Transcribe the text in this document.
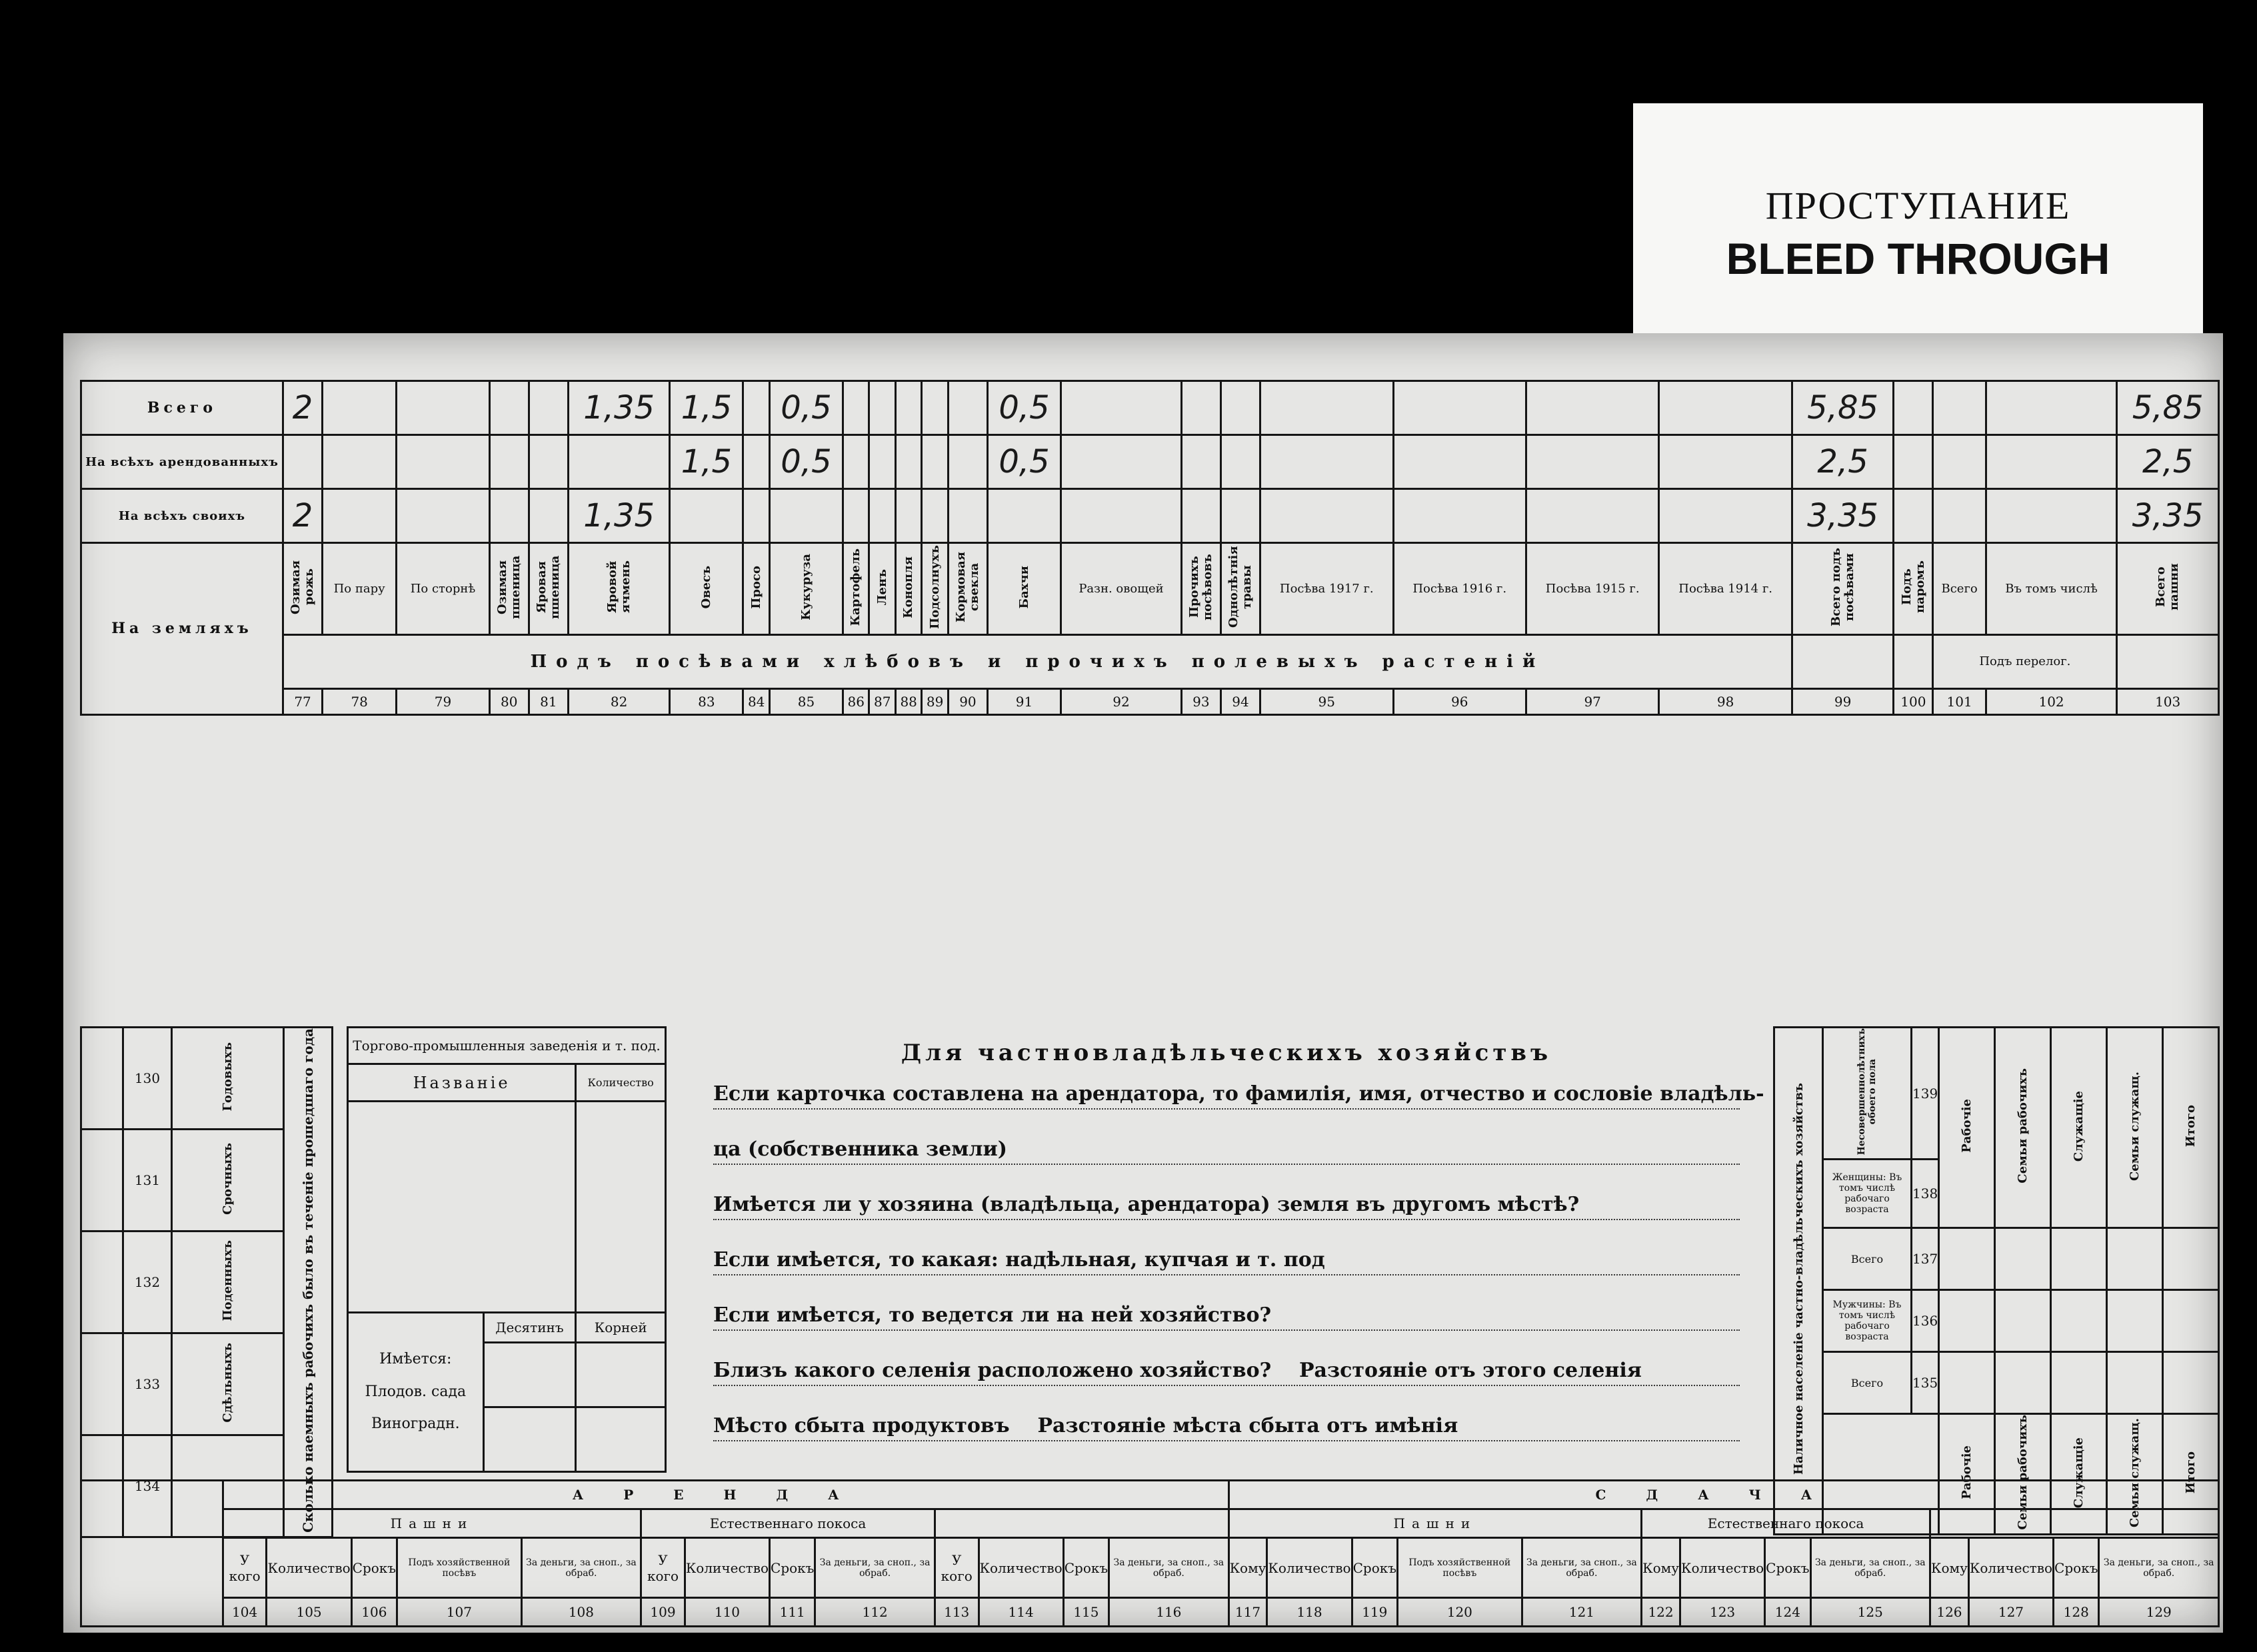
ПРОСТУПАНИЕ
BLEED THROUGH
Всего	2					1,35	1,5		0,5						0,5								5,85				5,85
На всѣхъ арендованныхъ							1,5		0,5						0,5								2,5				2,5
На всѣхъ своихъ	2					1,35																	3,35				3,35
На земляхъ	Озимая рожь	По пару	По сторнѣ	Озимая пшеница	Яровая пшеница	Яровой ячмень	Овесъ	Просо	Кукуруза	Картофель	Ленъ	Конопля	Подсолнухъ	Кормовая свекла	Бахчи	Разн. овощей	Прочихъ посѣвовъ	Однолѣтнія травы	Посѣва 1917 г.	Посѣва 1916 г.	Посѣва 1915 г.	Посѣва 1914 г.	Всего подъ посѣвами	Подъ паромъ	Всего	Въ томъ числѣ	Всего пашни
	Подъ посѣвами хлѣбовъ и прочихъ полевыхъ растеній																								Подъ перелог.		
	77	78	79	80	81	82	83	84	85	86	87	88	89	90	91	92	93	94	95	96	97	98	99	100	101	102	103
	130	Годовыхъ	Сколько наемныхъ рабочихъ было въ теченіе прошедшаго года
	131	Срочныхъ	
	132	Поденныхъ	
	133	Сдѣльныхъ	
	134		
Торгово-промышленныя заведенія и т. под.		
Названіе		Количество

Имѣется:
Плодов. сада
Виноградн.	Десятинъ	Корней

Для частновладѣльческихъ хозяйствъ
Если карточка составлена на арендатора, то фамилія, имя, отчество и сословіе владѣль-
ца (собственника земли)
Имѣется ли у хозяина (владѣльца, арендатора) земля въ другомъ мѣстѣ?
Если имѣется, то какая: надѣльная, купчая и т. под
Если имѣется, то ведется ли на ней хозяйство?
Близъ какого селенія расположено хозяйство? Разстояніе отъ этого селенія
Мѣсто сбыта продуктовъ Разстояніе мѣста сбыта отъ имѣнія	Наличное населеніе частно-владѣльческихъ хозяйствъ	Несовершеннолѣтнихъ обоего пола	139	Рабочіе	Семьи рабочихъ	Служащіе	Семьи служащ.	Итого
	Женщины: Въ томъ числѣ рабочаго возраста	138					
	Всего	137					
	Мужчины: Въ томъ числѣ рабочаго возраста	136					
	Всего	135					
			Рабочіе	Семьи рабочихъ	Служащіе	Семьи служащ.	Итого
	АРЕНДА													СДАЧА												
	Пашни					Естественнаго покоса								Пашни					Естественнаго покоса							
	У кого	Количество	Срокъ	Подъ хозяйственной посѣвъ	За деньги, за сноп., за обраб.	У кого	Количество	Срокъ	За деньги, за сноп., за обраб.	У кого	Количество	Срокъ	За деньги, за сноп., за обраб.	Кому	Количество	Срокъ	Подъ хозяйственной посѣвъ	За деньги, за сноп., за обраб.	Кому	Количество	Срокъ	За деньги, за сноп., за обраб.	Кому	Количество	Срокъ	За деньги, за сноп., за обраб.
	104	105	106	107	108	109	110	111	112	113	114	115	116	117	118	119	120	121	122	123	124	125	126	127	128	129
